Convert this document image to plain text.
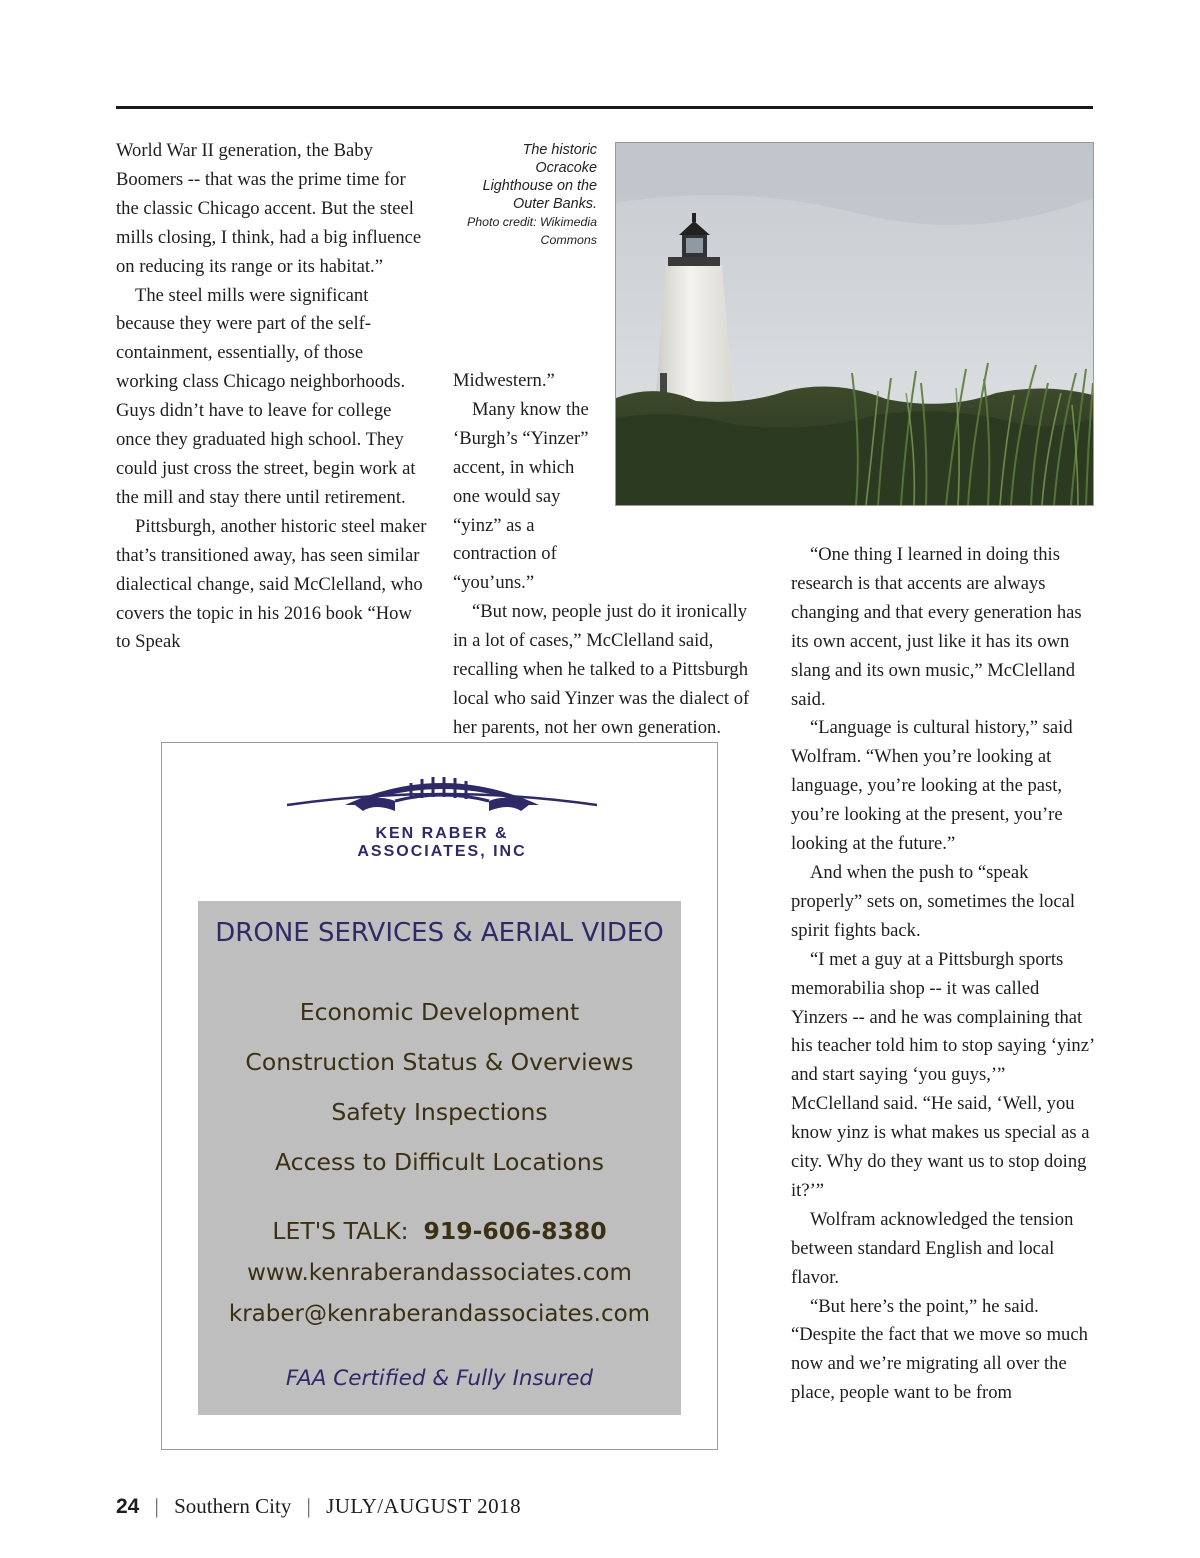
World War II generation, the Baby Boomers -- that was the prime time for the classic Chicago accent. But the steel mills closing, I think, had a big influence on reducing its range or its habitat.”

The steel mills were significant because they were part of the self-containment, essentially, of those working class Chicago neighborhoods. Guys didn’t have to leave for college once they graduated high school. They could just cross the street, begin work at the mill and stay there until retirement.

Pittsburgh, another historic steel maker that’s transitioned away, has seen similar dialectical change, said McClelland, who covers the topic in his 2016 book “How to Speak

The historic
Ocracoke
Lighthouse on the
Outer Banks.
Photo credit: Wikimedia
Commons

Midwestern.”

Many know the ‘Burgh’s “Yinzer” accent, in which one would say “yinz” as a contraction of “you’uns.”

“But now, people just do it ironically in a lot of cases,” McClelland said, recalling when he talked to a Pittsburgh local who said Yinzer was the dialect of her parents, not her own generation.

“One thing I learned in doing this research is that accents are always changing and that every generation has its own accent, just like it has its own slang and its own music,” McClelland said.

“Language is cultural history,” said Wolfram. “When you’re looking at language, you’re looking at the past, you’re looking at the present, you’re looking at the future.”

And when the push to “speak properly” sets on, sometimes the local spirit fights back.

“I met a guy at a Pittsburgh sports memorabilia shop -- it was called Yinzers -- and he was complaining that his teacher told him to stop saying ‘yinz’ and start saying ‘you guys,’” McClelland said. “He said, ‘Well, you know yinz is what makes us special as a city. Why do they want us to stop doing it?’”

Wolfram acknowledged the tension between standard English and local flavor.

“But here’s the point,” he said. “Despite the fact that we move so much now and we’re migrating all over the place, people want to be from

KEN RABER &
ASSOCIATES, INC
DRONE SERVICES & AERIAL VIDEO
Economic Development
Construction Status & Overviews
Safety Inspections
Access to Difficult Locations
LET'S TALK: 919-606-8380
www.kenraberandassociates.com
kraber@kenraberandassociates.com
FAA Certified & Fully Insured
24 | Southern City | JULY/AUGUST 2018
